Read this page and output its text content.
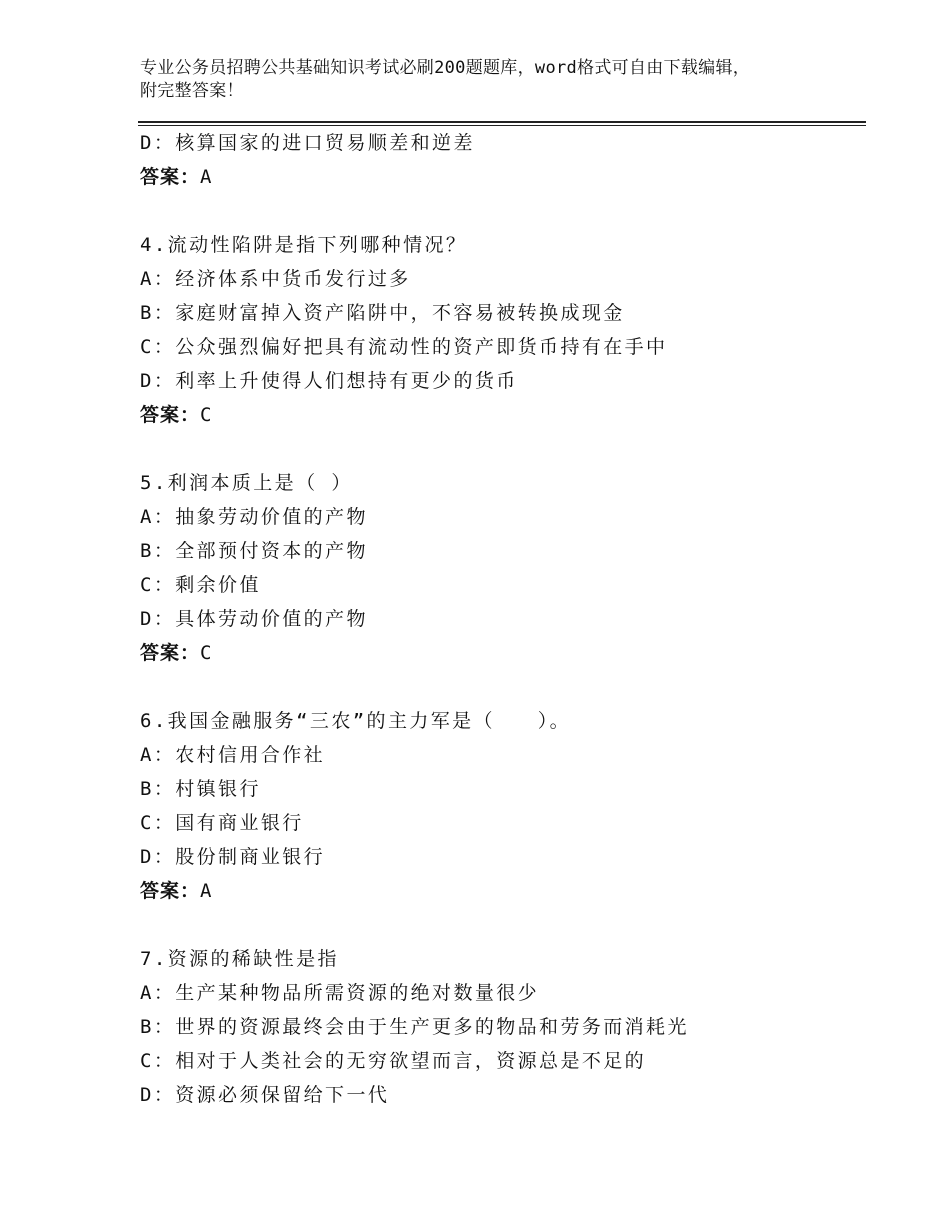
专业公务员招聘公共基础知识考试必刷200题题库，word格式可自由下载编辑，
附完整答案！
D：核算国家的进口贸易顺差和逆差
答案：A
4.流动性陷阱是指下列哪种情况？
A：经济体系中货币发行过多
B：家庭财富掉入资产陷阱中，不容易被转换成现金
C：公众强烈偏好把具有流动性的资产即货币持有在手中
D：利率上升使得人们想持有更少的货币
答案：C
5.利润本质上是（ ）
A：抽象劳动价值的产物
B：全部预付资本的产物
C：剩余价值
D：具体劳动价值的产物
答案：C
6.我国金融服务“三农”的主力军是（　　）。
A：农村信用合作社
B：村镇银行
C：国有商业银行
D：股份制商业银行
答案：A
7.资源的稀缺性是指
A：生产某种物品所需资源的绝对数量很少
B：世界的资源最终会由于生产更多的物品和劳务而消耗光
C：相对于人类社会的无穷欲望而言，资源总是不足的
D：资源必须保留给下一代
